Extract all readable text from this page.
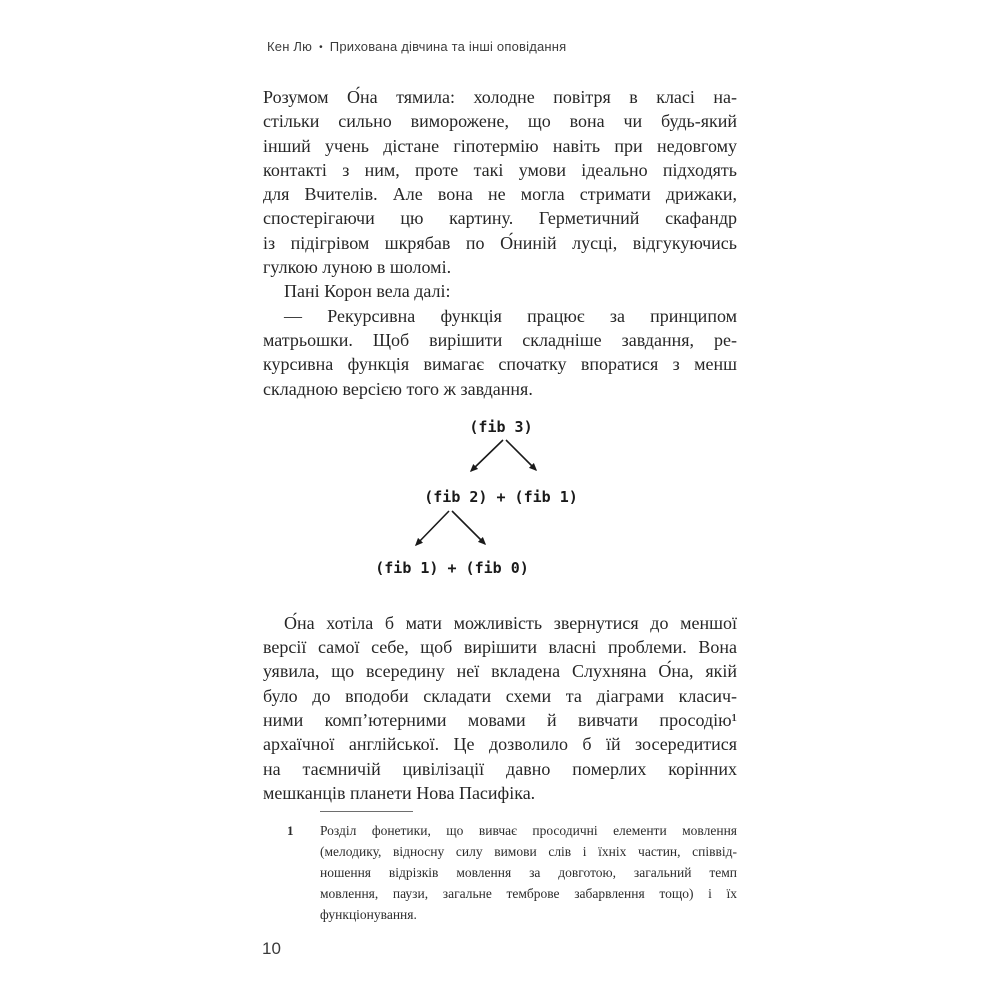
Кен Лю • Прихована дівчина та інші оповідання
Розумом О́на тямила: холодне повітря в класі на-
стільки сильно виморожене, що вона чи будь-який
інший учень дістане гіпотермію навіть при недовгому
контакті з ним, проте такі умови ідеально підходять
для Вчителів. Але вона не могла стримати дрижаки,
спостерігаючи цю картину. Герметичний скафандр
із підігрівом шкрябав по О́ниній лусці, відгукуючись
гулкою луною в шоломі.
Пані Корон вела далі:
— Рекурсивна функція працює за принципом
матрьошки. Щоб вирішити складніше завдання, ре-
курсивна функція вимагає спочатку впоратися з менш
складною версією того ж завдання.
(fib 3)
(fib 2) + (fib 1)
(fib 1) + (fib 0)
О́на хотіла б мати можливість звернутися до меншої
версії самої себе, щоб вирішити власні проблеми. Вона
уявила, що всередину неї вкладена Слухняна О́на, якій
було до вподоби складати схеми та діаграми класич-
ними комп’ютерними мовами й вивчати просодію¹
архаїчної англійської. Це дозволило б їй зосередитися
на таємничій цивілізації давно померлих корінних
мешканців планети Нова Пасифіка.
1 Розділ фонетики, що вивчає просодичні елементи мовлення
(мелодику, відносну силу вимови слів і їхніх частин, співвід-
ношення відрізків мовлення за довготою, загальний темп
мовлення, паузи, загальне темброве забарвлення тощо) і їх
функціонування.
10
